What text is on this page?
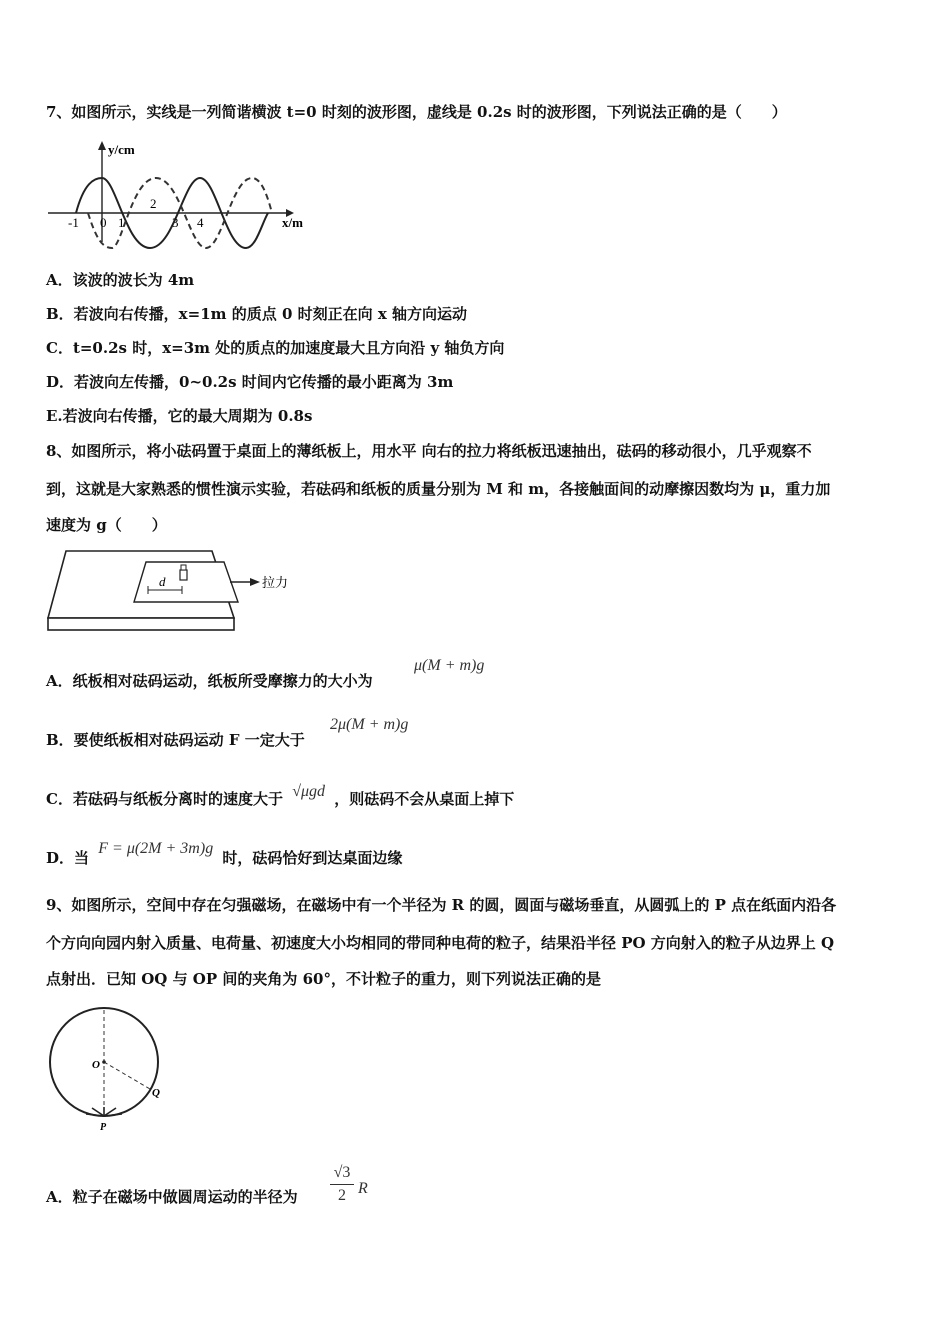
7、如图所示，实线是一列简谐横波 t=0 时刻的波形图，虚线是 0.2s 时的波形图，下列说法正确的是（　　）
y/cm
x/m
-1 0 1
2
3 4
A．该波的波长为 4m
B．若波向右传播，x=1m 的质点 0 时刻正在向 x 轴方向运动
C．t=0.2s 时，x=3m 处的质点的加速度最大且方向沿 y 轴负方向
D．若波向左传播，0~0.2s 时间内它传播的最小距离为 3m
E.若波向右传播，它的最大周期为 0.8s
8、如图所示，将小砝码置于桌面上的薄纸板上，用水平 向右的拉力将纸板迅速抽出，砝码的移动很小，几乎观察不
到，这就是大家熟悉的惯性演示实验，若砝码和纸板的质量分别为 M 和 m，各接触面间的动摩擦因数均为 μ，重力加
速度为 g（　　）
d	拉力
A．纸板相对砝码运动，纸板所受摩擦力的大小为
μ(M + m)g
B．要使纸板相对砝码运动 F 一定大于
2μ(M + m)g
C．若砝码与纸板分离时的速度大于 √μgd ，则砝码不会从桌面上掉下
D．当 F = μ(2M + 3m)g 时，砝码恰好到达桌面边缘
9、如图所示，空间中存在匀强磁场，在磁场中有一个半径为 R 的圆，圆面与磁场垂直，从圆弧上的 P 点在纸面内沿各
个方向向园内射入质量、电荷量、初速度大小均相同的带同种电荷的粒子，结果沿半径 PO 方向射入的粒子从边界上 Q
点射出．已知 OQ 与 OP 间的夹角为 60°，不计粒子的重力，则下列说法正确的是
O
Q
P
A．粒子在磁场中做圆周运动的半径为 $\frac{√3}{2}$ R
